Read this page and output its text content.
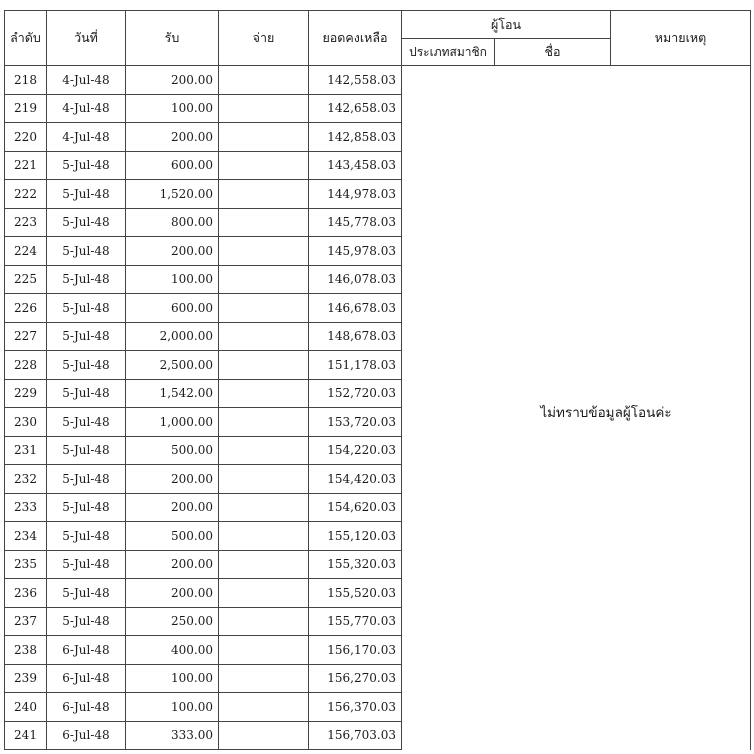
ลำดับ	วันที่	รับ	จ่าย	ยอดคงเหลือ	ผู้โอน		หมายเหตุ
					ประเภทสมาชิก	ชื่อ	
218	4-Jul-48	200.00		142,558.03	ไม่ทราบข้อมูลผู้โอนค่ะ		
219	4-Jul-48	100.00		142,658.03			
220	4-Jul-48	200.00		142,858.03			
221	5-Jul-48	600.00		143,458.03			
222	5-Jul-48	1,520.00		144,978.03			
223	5-Jul-48	800.00		145,778.03			
224	5-Jul-48	200.00		145,978.03			
225	5-Jul-48	100.00		146,078.03			
226	5-Jul-48	600.00		146,678.03			
227	5-Jul-48	2,000.00		148,678.03			
228	5-Jul-48	2,500.00		151,178.03			
229	5-Jul-48	1,542.00		152,720.03			
230	5-Jul-48	1,000.00		153,720.03			
231	5-Jul-48	500.00		154,220.03			
232	5-Jul-48	200.00		154,420.03			
233	5-Jul-48	200.00		154,620.03			
234	5-Jul-48	500.00		155,120.03			
235	5-Jul-48	200.00		155,320.03			
236	5-Jul-48	200.00		155,520.03			
237	5-Jul-48	250.00		155,770.03			
238	6-Jul-48	400.00		156,170.03			
239	6-Jul-48	100.00		156,270.03			
240	6-Jul-48	100.00		156,370.03			
241	6-Jul-48	333.00		156,703.03			
